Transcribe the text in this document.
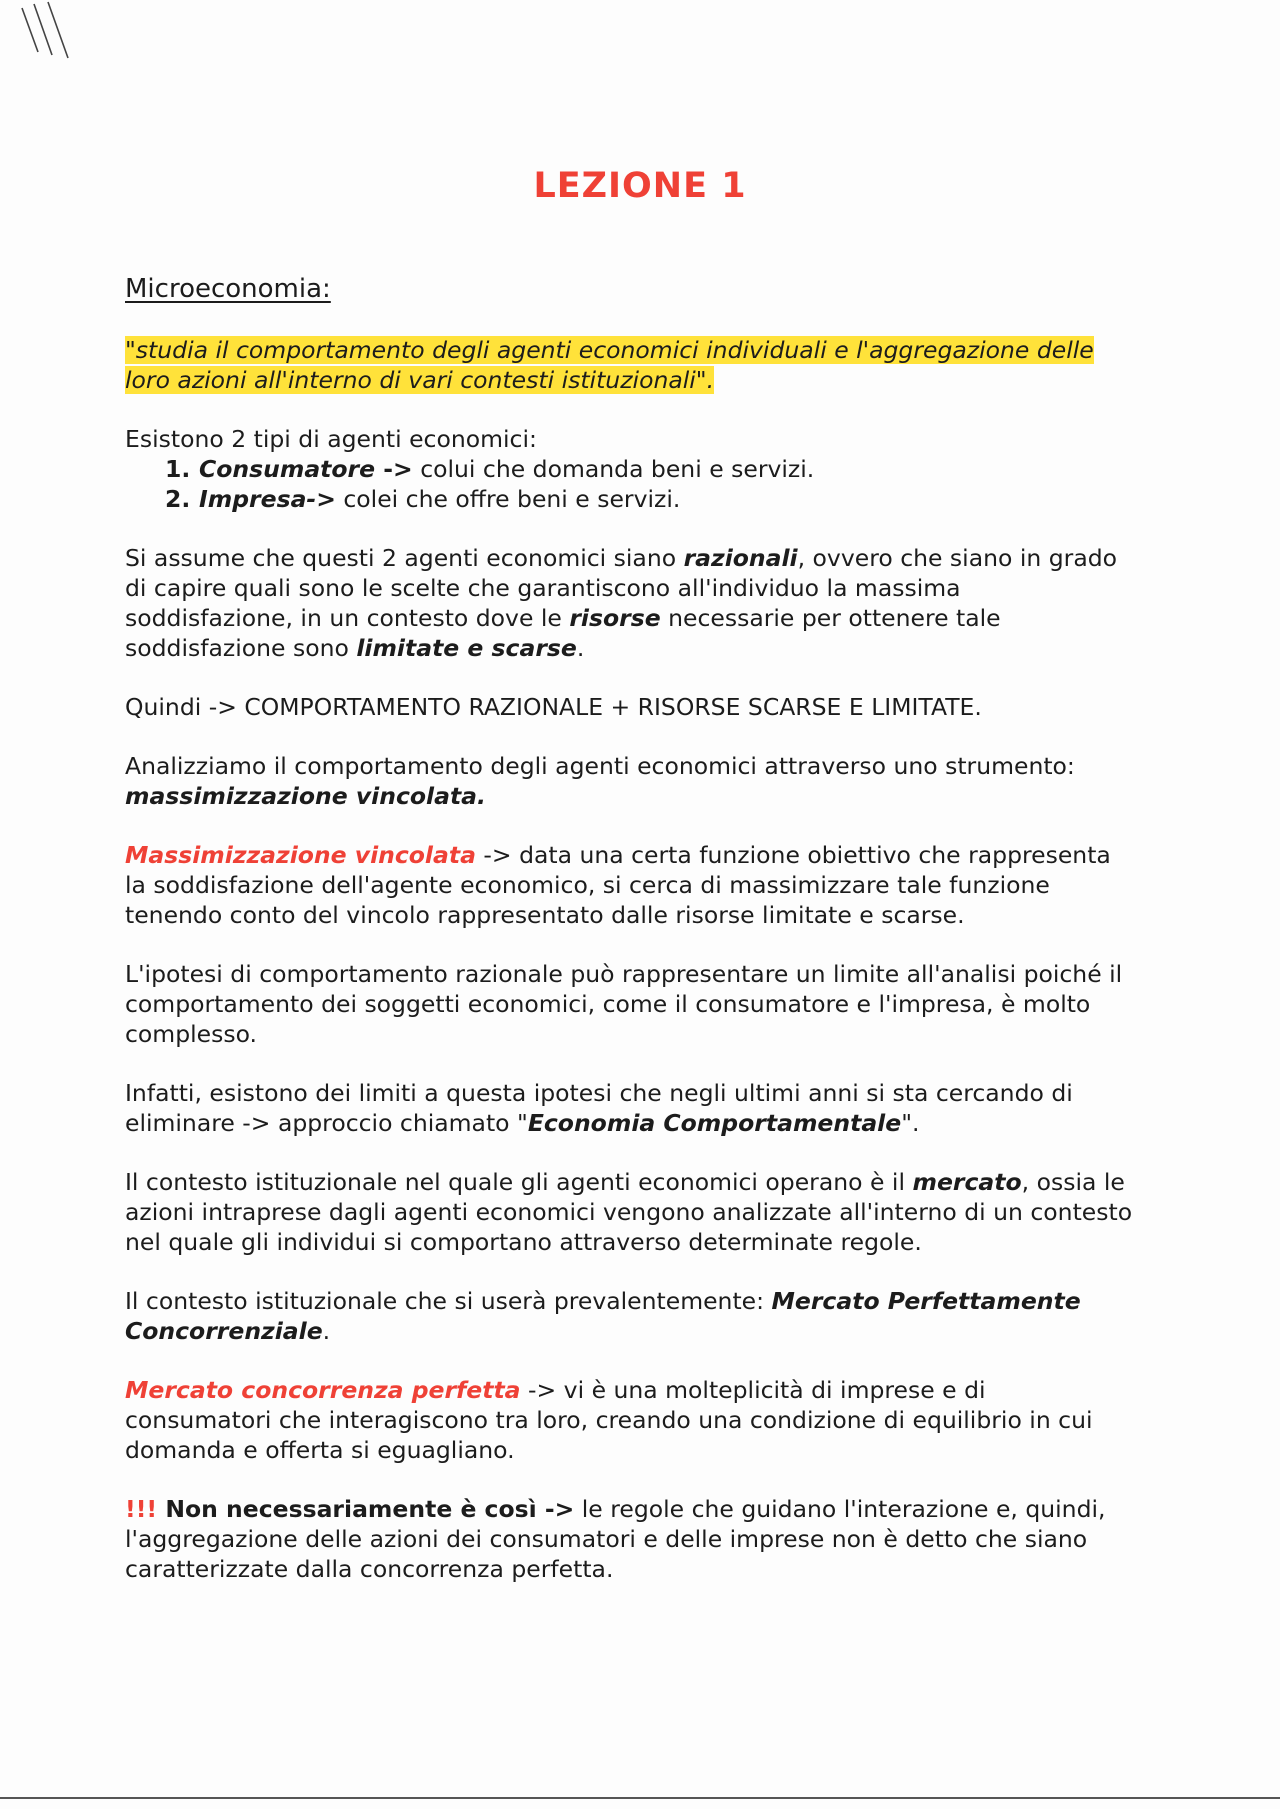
LEZIONE 1

Microeconomia:

"studia il comportamento degli agenti economici individuali e l'aggregazione delle loro azioni all'interno di vari contesti istituzionali".

Esistono 2 tipi di agenti economici:

1. Consumatore -> colui che domanda beni e servizi.
2. Impresa-> colei che offre beni e servizi.

Si assume che questi 2 agenti economici siano razionali, ovvero che siano in grado di capire quali sono le scelte che garantiscono all'individuo la massima soddisfazione, in un contesto dove le risorse necessarie per ottenere tale soddisfazione sono limitate e scarse.

Quindi -> COMPORTAMENTO RAZIONALE + RISORSE SCARSE E LIMITATE.

Analizziamo il comportamento degli agenti economici attraverso uno strumento: massimizzazione vincolata.

Massimizzazione vincolata -> data una certa funzione obiettivo che rappresenta la soddisfazione dell'agente economico, si cerca di massimizzare tale funzione tenendo conto del vincolo rappresentato dalle risorse limitate e scarse.

L'ipotesi di comportamento razionale può rappresentare un limite all'analisi poiché il comportamento dei soggetti economici, come il consumatore e l'impresa, è molto complesso.

Infatti, esistono dei limiti a questa ipotesi che negli ultimi anni si sta cercando di eliminare -> approccio chiamato "Economia Comportamentale".

Il contesto istituzionale nel quale gli agenti economici operano è il mercato, ossia le azioni intraprese dagli agenti economici vengono analizzate all'interno di un contesto nel quale gli individui si comportano attraverso determinate regole.

Il contesto istituzionale che si userà prevalentemente: Mercato Perfettamente Concorrenziale.

Mercato concorrenza perfetta -> vi è una molteplicità di imprese e di consumatori che interagiscono tra loro, creando una condizione di equilibrio in cui domanda e offerta si eguagliano.

!!! Non necessariamente è così -> le regole che guidano l'interazione e, quindi, l'aggregazione delle azioni dei consumatori e delle imprese non è detto che siano caratterizzate dalla concorrenza perfetta.
